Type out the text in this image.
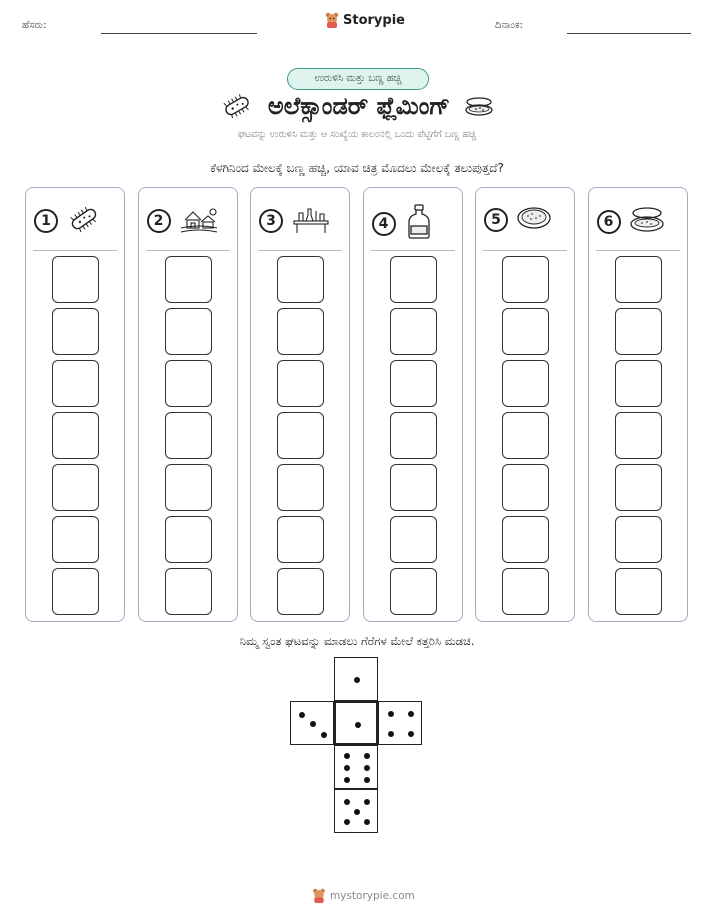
ಹೆಸರು:	Storypie	ದಿನಾಂಕ:
ಉರುಳಿಸಿ ಮತ್ತು ಬಣ್ಣ ಹಚ್ಚಿ
ಅಲೆಕ್ಸಾಂಡರ್ ಫ್ಲೆಮಿಂಗ್
ಘಟವನ್ನು ಉರುಳಿಸಿ ಮತ್ತು ಆ ಸಂಖ್ಯೆಯ ಕಾಲಂನಲ್ಲಿ ಒಂದು ಪೆಟ್ಟಿಗೆಗೆ ಬಣ್ಣ ಹಚ್ಚಿ
ಕೆಳಗಿನಿಂದ ಮೇಲಕ್ಕೆ ಬಣ್ಣ ಹಚ್ಚಿ, ಯಾವ ಚಿತ್ರ ಮೊದಲು ಮೇಲಕ್ಕೆ ತಲುಪುತ್ತದೆ?
1	2	3	4	5	6
ನಿಮ್ಮ ಸ್ವಂತ ಘಟವನ್ನು ಮಾಡಲು ಗೆರೆಗಳ ಮೇಲೆ ಕತ್ತರಿಸಿ ಮಡಚಿ.
mystorypie.com
